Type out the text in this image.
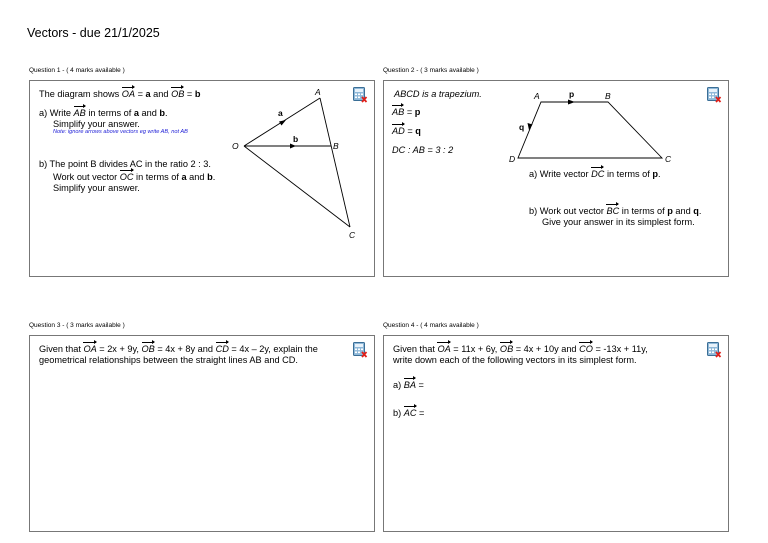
Vectors - due 21/1/2025
Question 1 - ( 4 marks available )	Question 2 - ( 3 marks available )
Question 3 - ( 3 marks available )	Question 4 - ( 4 marks available )
The diagram shows OA = a and OB = b
a) Write AB in terms of a and b.
Simplify your answer.
Note: ignore arrows above vectors eg write AB, not AB
b) The point B divides AC in the ratio 2 : 3.
Work out vector OC in terms of a and b.
Simplify your answer.
O
A
B
C
a
b
ABCD is a trapezium.
AB = p
AD = q
DC : AB = 3 : 2
A	B
C
D
p
q
a) Write vector DC in terms of p.
b) Work out vector BC in terms of p and q.
Give your answer in its simplest form.
Given that OA = 2x + 9y, OB = 4x + 8y and CD = 4x – 2y, explain the
geometrical relationships between the straight lines AB and CD.
Given that OA = 11x + 6y, OB = 4x + 10y and CO = -13x + 11y,
write down each of the following vectors in its simplest form.
a) BA =
b) AC =
